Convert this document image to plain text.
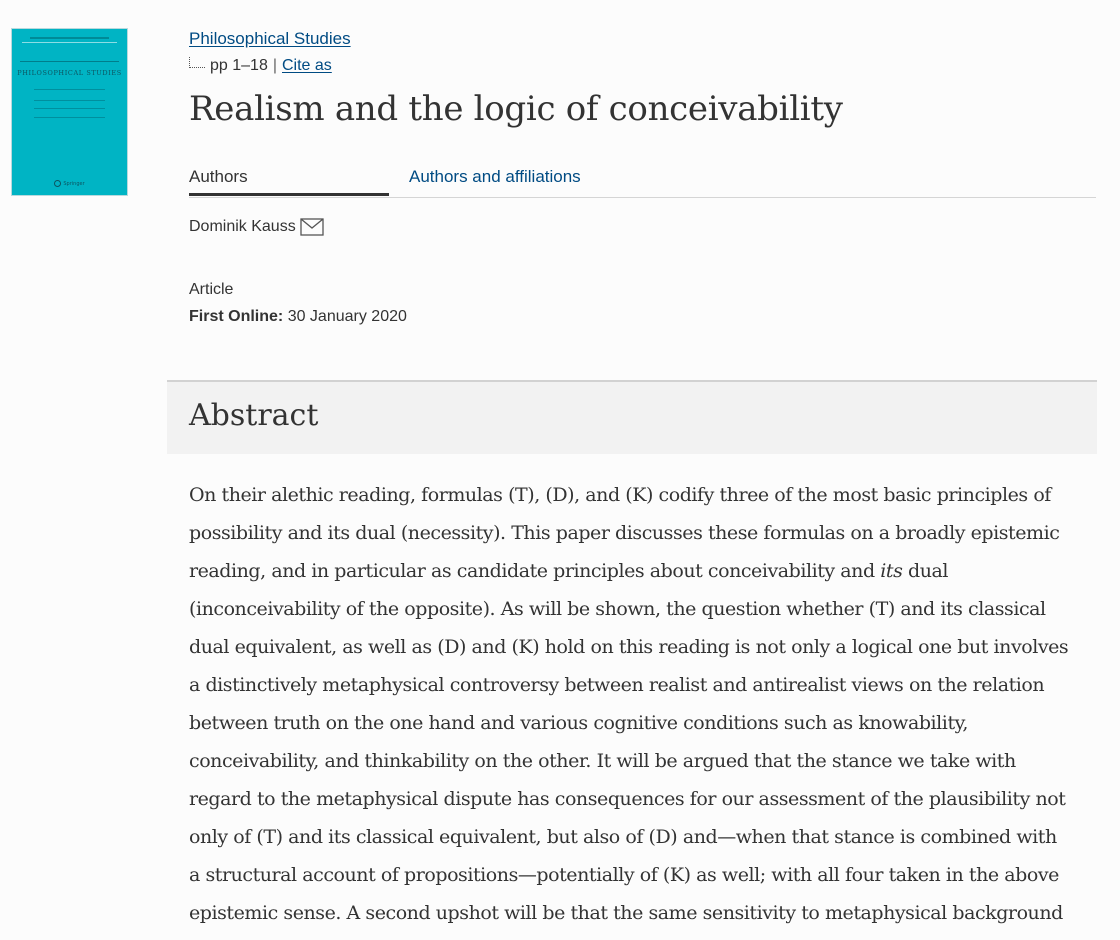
PHILOSOPHICAL STUDIES
Springer
Philosophical Studies
pp 1–18 | Cite as
Realism and the logic of conceivability
Authors	Authors and affiliations
Dominik Kauss
Article
First Online: 30 January 2020
Abstract
On their alethic reading, formulas (T), (D), and (K) codify three of the most basic principles of
possibility and its dual (necessity). This paper discusses these formulas on a broadly epistemic
reading, and in particular as candidate principles about conceivability and its dual
(inconceivability of the opposite). As will be shown, the question whether (T) and its classical
dual equivalent, as well as (D) and (K) hold on this reading is not only a logical one but involves
a distinctively metaphysical controversy between realist and antirealist views on the relation
between truth on the one hand and various cognitive conditions such as knowability,
conceivability, and thinkability on the other. It will be argued that the stance we take with
regard to the metaphysical dispute has consequences for our assessment of the plausibility not
only of (T) and its classical equivalent, but also of (D) and—when that stance is combined with
a structural account of propositions—potentially of (K) as well; with all four taken in the above
epistemic sense. A second upshot will be that the same sensitivity to metaphysical background
